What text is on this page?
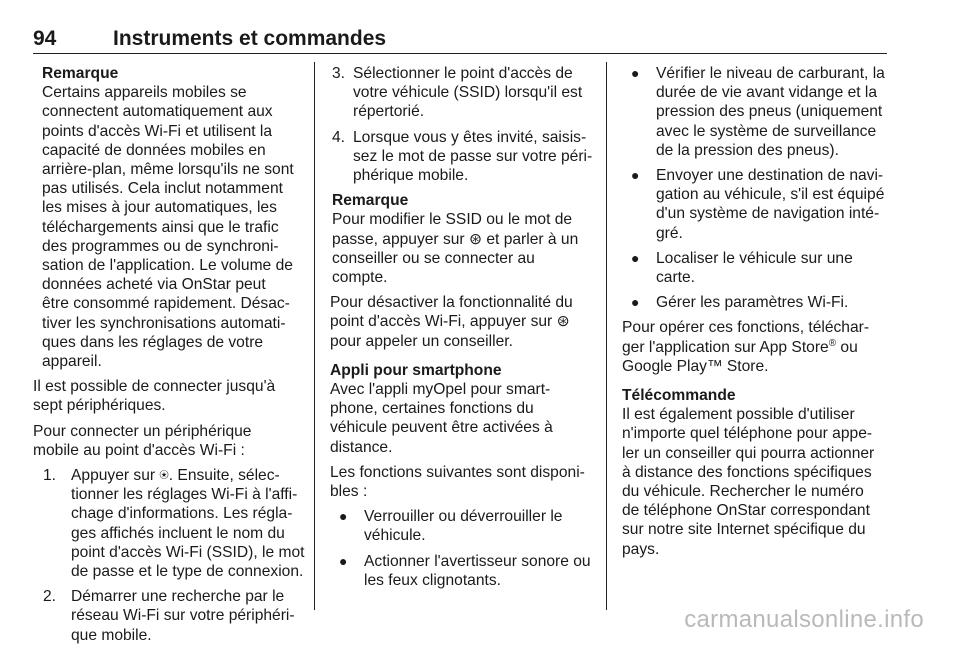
94	Instruments et commandes
Remarque
Certains appareils mobiles se
connectent automatiquement aux
points d'accès Wi-Fi et utilisent la
capacité de données mobiles en
arrière-plan, même lorsqu'ils ne sont
pas utilisés. Cela inclut notamment
les mises à jour automatiques, les
téléchargements ainsi que le trafic
des programmes ou de synchroni-
sation de l'application. Le volume de
données acheté via OnStar peut
être consommé rapidement. Désac-
tiver les synchronisations automati-
ques dans les réglages de votre
appareil.

Il est possible de connecter jusqu'à
sept périphériques.

Pour connecter un périphérique
mobile au point d'accès Wi-Fi :

1. Appuyer sur ⍟. Ensuite, sélec-
tionner les réglages Wi-Fi à l'affi-
chage d'informations. Les régla-
ges affichés incluent le nom du
point d'accès Wi-Fi (SSID), le mot
de passe et le type de connexion.
2. Démarrer une recherche par le
réseau Wi-Fi sur votre périphéri-
que mobile.
3. Sélectionner le point d'accès de
votre véhicule (SSID) lorsqu'il est
répertorié.
4. Lorsque vous y êtes invité, saisis-
sez le mot de passe sur votre péri-
phérique mobile.
Remarque
Pour modifier le SSID ou le mot de
passe, appuyer sur ⊛ et parler à un
conseiller ou se connecter au
compte.

Pour désactiver la fonctionnalité du
point d'accès Wi-Fi, appuyer sur ⊛
pour appeler un conseiller.

Appli pour smartphone

Avec l'appli myOpel pour smart-
phone, certaines fonctions du
véhicule peuvent être activées à
distance.

Les fonctions suivantes sont disponi-
bles :

● Verrouiller ou déverrouiller le
véhicule.
● Actionner l'avertisseur sonore ou
les feux clignotants.
● Vérifier le niveau de carburant, la
durée de vie avant vidange et la
pression des pneus (uniquement
avec le système de surveillance
de la pression des pneus).
● Envoyer une destination de navi-
gation au véhicule, s'il est équipé
d'un système de navigation inté-
gré.
● Localiser le véhicule sur une
carte.
● Gérer les paramètres Wi-Fi.

Pour opérer ces fonctions, téléchar-
ger l'application sur App Store® ou
Google Play™ Store.

Télécommande

Il est également possible d'utiliser
n'importe quel téléphone pour appe-
ler un conseiller qui pourra actionner
à distance des fonctions spécifiques
du véhicule. Rechercher le numéro
de téléphone OnStar correspondant
sur notre site Internet spécifique du
pays.

carmanualsonline.info
